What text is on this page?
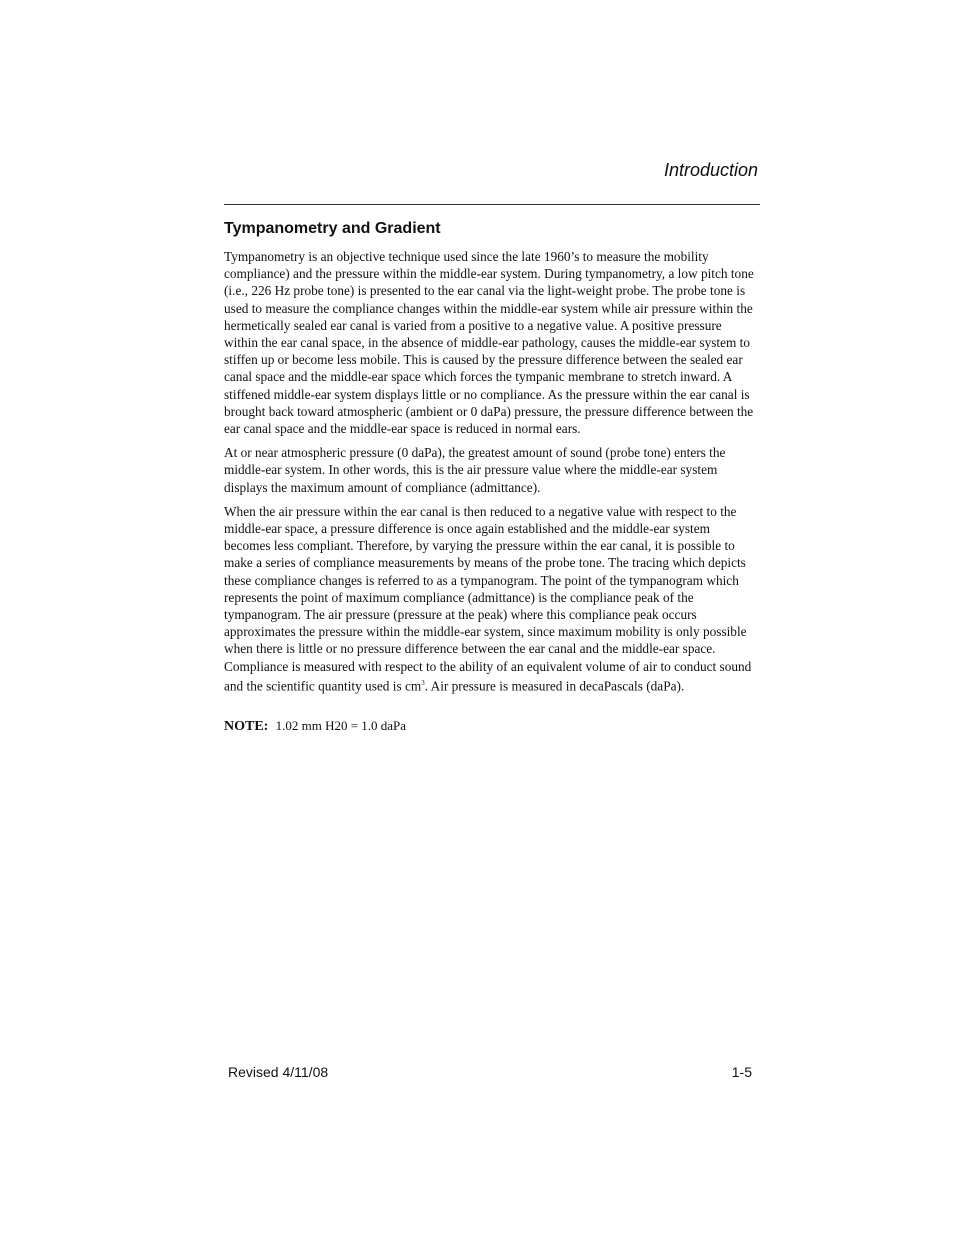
Introduction
Tympanometry and Gradient

Tympanometry is an objective technique used since the late 1960’s to measure the mobility compliance) and the pressure within the middle-ear system. During tympanometry, a low pitch tone (i.e., 226 Hz probe tone) is presented to the ear canal via the light-weight probe. The probe tone is used to measure the compliance changes within the middle-ear system while air pressure within the hermetically sealed ear canal is varied from a positive to a negative value. A positive pressure within the ear canal space, in the absence of middle-ear pathology, causes the middle-ear system to stiffen up or become less mobile. This is caused by the pressure difference between the sealed ear canal space and the middle-ear space which forces the tympanic membrane to stretch inward. A stiffened middle-ear system displays little or no compliance. As the pressure within the ear canal is brought back toward atmospheric (ambient or 0 daPa) pressure, the pressure difference between the ear canal space and the middle-ear space is reduced in normal ears.

At or near atmospheric pressure (0 daPa), the greatest amount of sound (probe tone) enters the middle-ear system. In other words, this is the air pressure value where the middle-ear system displays the maximum amount of compliance (admittance).

When the air pressure within the ear canal is then reduced to a negative value with respect to the middle-ear space, a pressure difference is once again established and the middle-ear system becomes less compliant. Therefore, by varying the pressure within the ear canal, it is possible to make a series of compliance measurements by means of the probe tone. The tracing which depicts these compliance changes is referred to as a tympanogram. The point of the tympanogram which represents the point of maximum compliance (admittance) is the compliance peak of the tympanogram. The air pressure (pressure at the peak) where this compliance peak occurs approximates the pressure within the middle-ear system, since maximum mobility is only possible when there is little or no pressure difference between the ear canal and the middle-ear space. Compliance is measured with respect to the ability of an equivalent volume of air to conduct sound and the scientific quantity used is $cm^3$. Air pressure is measured in decaPascals (daPa).

NOTE: 1.02 mm H20 = 1.0 daPa
Revised 4/11/08	1-5
